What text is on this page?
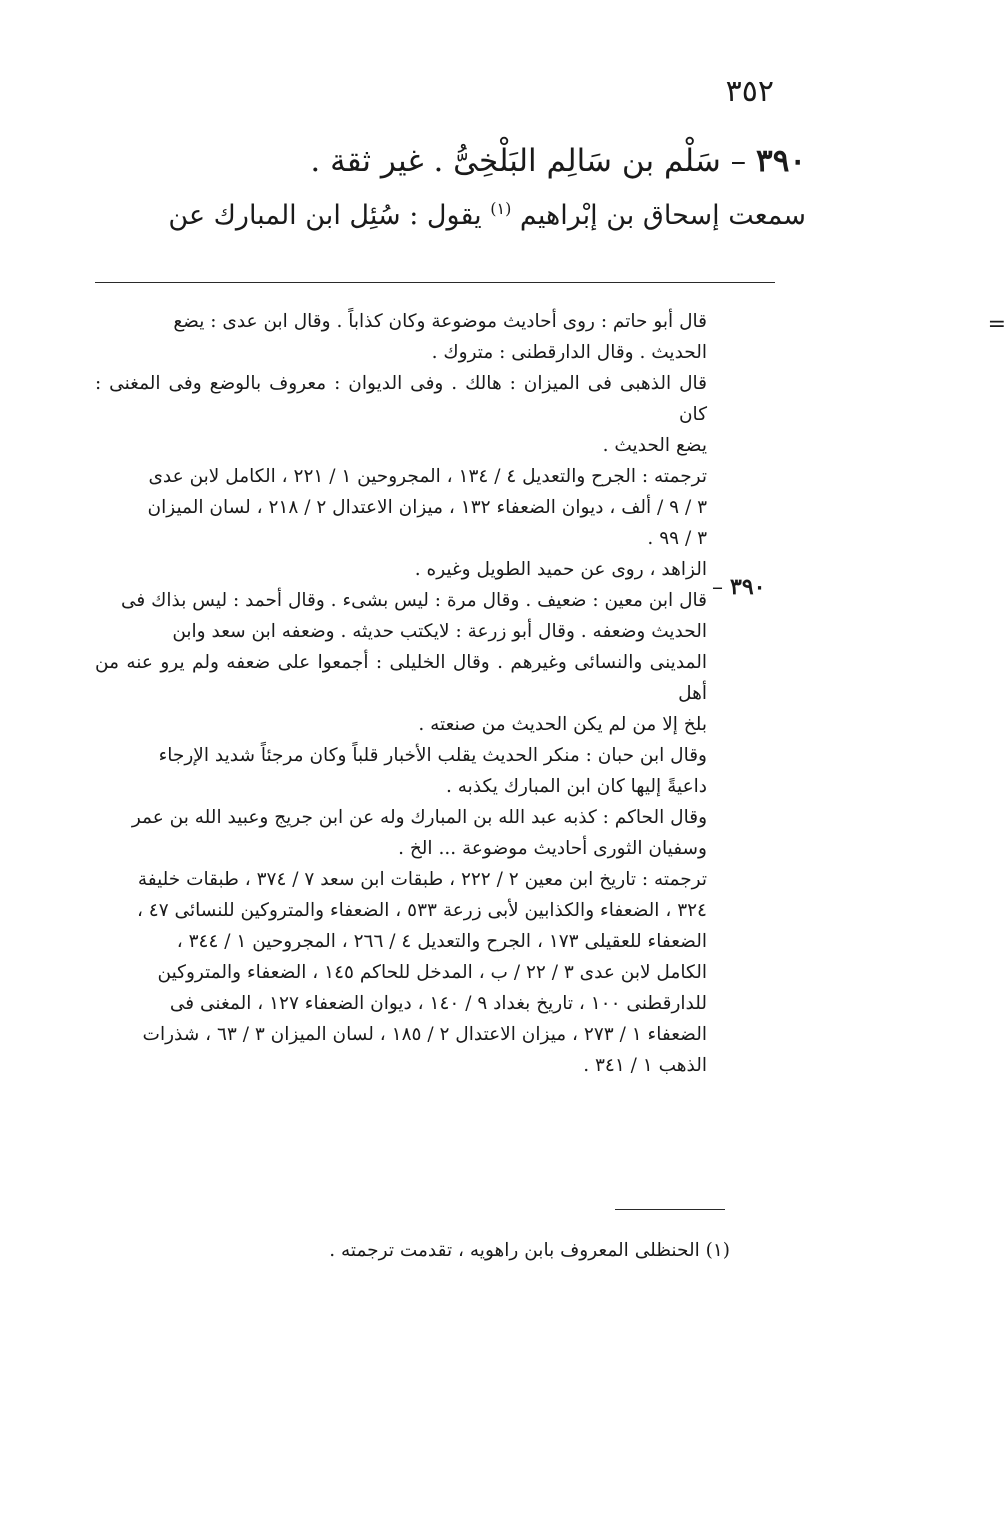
٣٥٢
٣٩٠ – سَلْم بن سَالِم البَلْخِىُّ . غير ثقة .
سمعت إسحاق بن إبْراهيم $^{(١)}$ يقول : سُئِل ابن المبارك عن
=
٣٩٠ –

قال أبو حاتم : روى أحاديث موضوعة وكان كذاباً . وقال ابن عدى : يضع

الحديث . وقال الدارقطنى : متروك .

قال الذهبى فى الميزان : هالك . وفى الديوان : معروف بالوضع وفى المغنى : كان

يضع الحديث .

ترجمته : الجرح والتعديل ٤ / ١٣٤ ، المجروحين ١ / ٢٢١ ، الكامل لابن عدى

٣ / ٩ / ألف ، ديوان الضعفاء ١٣٢ ، ميزان الاعتدال ٢ / ٢١٨ ، لسان الميزان

٣ / ٩٩ .

الزاهد ، روى عن حميد الطويل وغيره .

قال ابن معين : ضعيف . وقال مرة : ليس بشىء . وقال أحمد : ليس بذاك فى

الحديث وضعفه . وقال أبو زرعة : لايكتب حديثه . وضعفه ابن سعد وابن

المدينى والنسائى وغيرهم . وقال الخليلى : أجمعوا على ضعفه ولم يرو عنه من أهل

بلخ إلا من لم يكن الحديث من صنعته .

وقال ابن حبان : منكر الحديث يقلب الأخبار قلباً وكان مرجئاً شديد الإرجاء

داعيةً إليها كان ابن المبارك يكذبه .

وقال الحاكم : كذبه عبد الله بن المبارك وله عن ابن جريج وعبيد الله بن عمر

وسفيان الثورى أحاديث موضوعة ... الخ .

ترجمته : تاريخ ابن معين ٢ / ٢٢٢ ، طبقات ابن سعد ٧ / ٣٧٤ ، طبقات خليفة

٣٢٤ ، الضعفاء والكذابين لأبى زرعة ٥٣٣ ، الضعفاء والمتروكين للنسائى ٤٧ ،

الضعفاء للعقيلى ١٧٣ ، الجرح والتعديل ٤ / ٢٦٦ ، المجروحين ١ / ٣٤٤ ،

الكامل لابن عدى ٣ / ٢٢ / ب ، المدخل للحاكم ١٤٥ ، الضعفاء والمتروكين

للدارقطنى ١٠٠ ، تاريخ بغداد ٩ / ١٤٠ ، ديوان الضعفاء ١٢٧ ، المغنى فى

الضعفاء ١ / ٢٧٣ ، ميزان الاعتدال ٢ / ١٨٥ ، لسان الميزان ٣ / ٦٣ ، شذرات

الذهب ١ / ٣٤١ .

(١) الحنظلى المعروف بابن راهويه ، تقدمت ترجمته .
